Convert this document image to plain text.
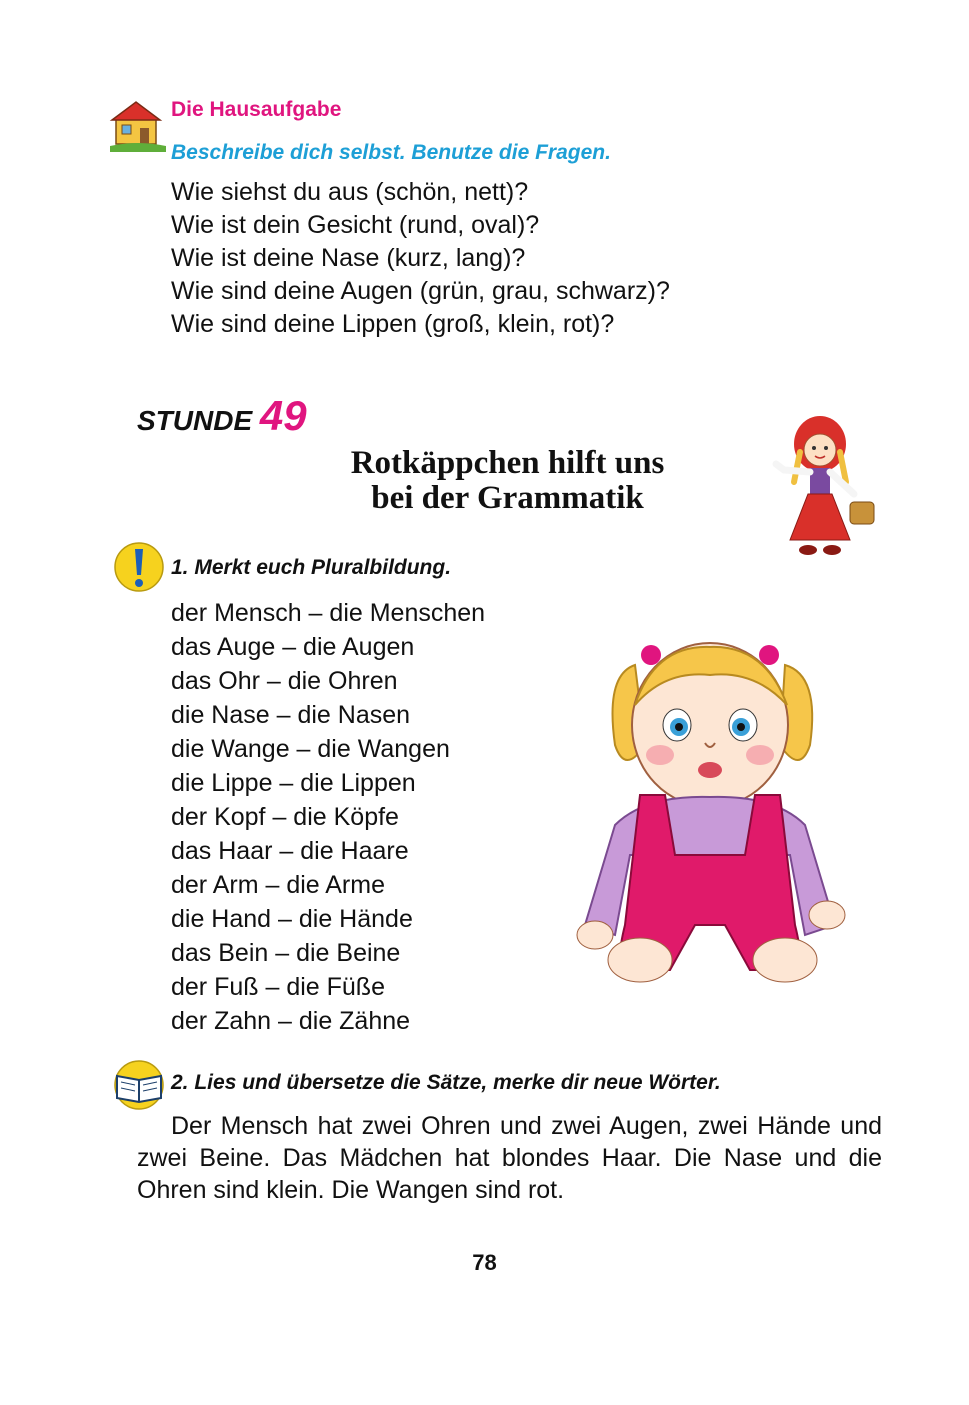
Die Hausaufgabe
Beschreibe dich selbst. Benutze die Fragen.
Wie siehst du aus (schön, nett)?
Wie ist dein Gesicht (rund, oval)?
Wie ist deine Nase (kurz, lang)?
Wie sind deine Augen (grün, grau, schwarz)?
Wie sind deine Lippen (groß, klein, rot)?
STUNDE 49
Rotkäppchen hilft uns
bei der Grammatik
1. Merkt euch Pluralbildung.
der Mensch – die Menschen
das Auge – die Augen
das Ohr – die Ohren
die Nase – die Nasen
die Wange – die Wangen
die Lippe – die Lippen
der Kopf – die Köpfe
das Haar – die Haare
der Arm – die Arme
die Hand – die Hände
das Bein – die Beine
der Fuß – die Füße
der Zahn – die Zähne
2. Lies und übersetze die Sätze, merke dir neue Wörter.

Der Mensch hat zwei Ohren und zwei Augen, zwei Hände und zwei Beine. Das Mädchen hat blondes Haar. Die Nase und die Ohren sind klein. Die Wangen sind rot.

78
